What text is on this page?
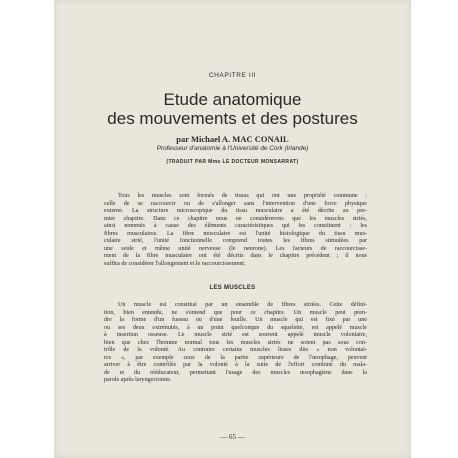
CHAPITRE III
Etude anatomique
des mouvements et des postures
par Michael A. MAC CONAIL
Professeur d'anatomie à l'Université de Cork (Irlande)
(TRADUIT PAR Mme LE DOCTEUR MONSARRAT)
Tous les muscles sont formés de tissus qui ont une propriété commune :
celle de se raccourcir ou de s'allonger sans l'intervention d'une force physique
externe. La structure microscopique du tissu musculaire a été décrite au pre-
mier chapitre. Dans ce chapitre nous ne considérerons que les muscles striés,
ainsi nommés à cause des éléments caractéristiques qui les constituent : les
fibres musculaires. La fibre musculaire est l'unité histologique du tissu mus-
culaire strié, l'unité fonctionnelle comprend toutes les fibres stimulées par
une seule et même unité nerveuse (le neurone). Les facteurs de raccourcisse-
ment de la fibre musculaire ont été décrits dans le chapitre précédent ; il nous
suffira de considérer l'allongement et le raccourcissement.
LES MUSCLES
Un muscle est constitué par un ensemble de fibres striées. Cette défini-
tion, bien entendu, ne s'entend que pour ce chapitre. Un muscle peut pren-
dre la forme d'un fuseau ou d'une feuille. Un muscle qui est fixé par une
ou ses deux extrémités, à un point quelconque du squelette, est appelé muscle
à insertion osseuse. Le muscle strié est souvent appelé muscle volontaire,
bien que chez l'homme normal tous les muscles striés ne soient pas sous con-
trôle de la volonté. Au contraire certains muscles lisses dits « non volontai-
res », par exemple ceux de la partie supérieure de l'œsophage, peuvent
arriver à être contrôlés par la volonté à la suite de l'effort combiné du mala-
de et du rééducateur, permettant l'usage des muscles œsophagiens dans la
parole après laryngectomie.
— 65 —
